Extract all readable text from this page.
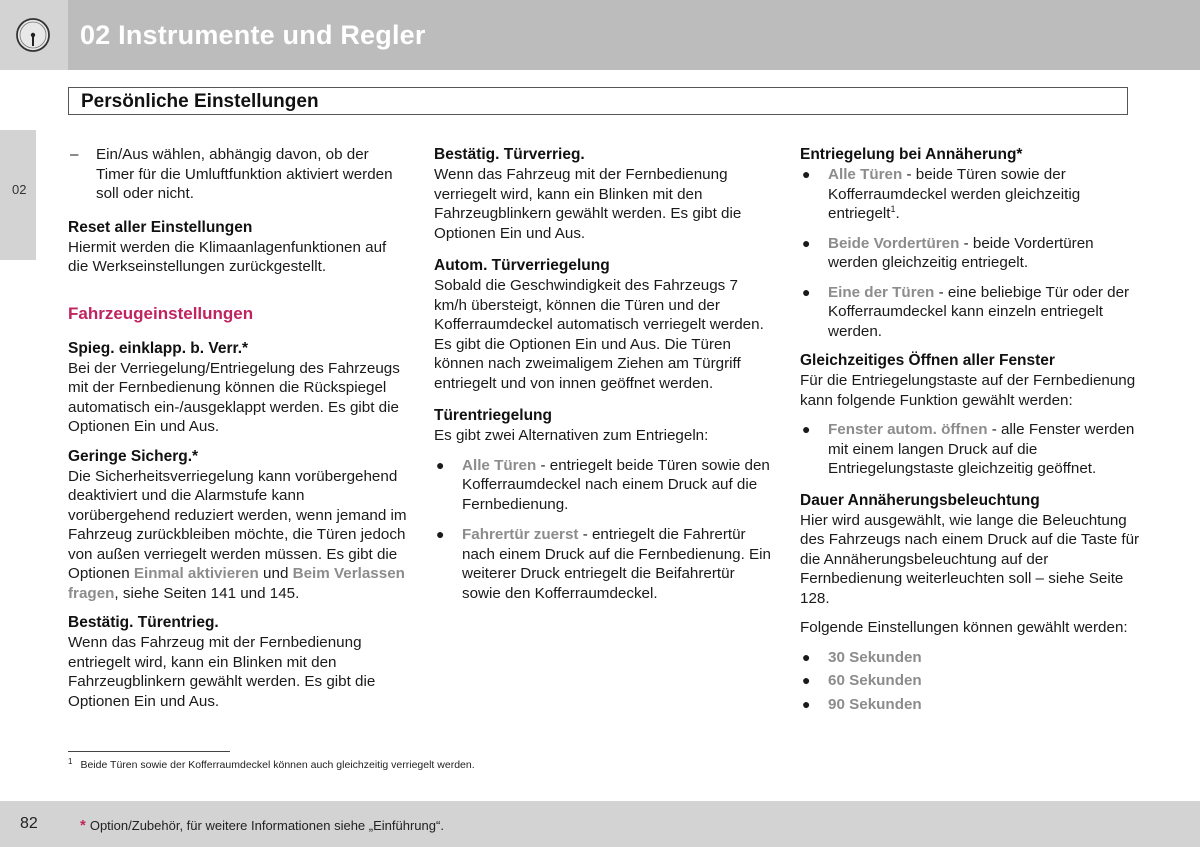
02 Instrumente und Regler
Persönliche Einstellungen
02
– Ein/Aus wählen, abhängig davon, ob der Timer für die Umluftfunktion aktiviert werden soll oder nicht.
Reset aller Einstellungen

Hiermit werden die Klimaanlagenfunktionen auf die Werkseinstellungen zurückgestellt.

Fahrzeugeinstellungen
Spieg. einklapp. b. Verr.*

Bei der Verriegelung/Entriegelung des Fahrzeugs mit der Fernbedienung können die Rückspiegel automatisch ein-/ausgeklappt werden. Es gibt die Optionen Ein und Aus.

Geringe Sicherg.*

Die Sicherheitsverriegelung kann vorübergehend deaktiviert und die Alarmstufe kann vorübergehend reduziert werden, wenn jemand im Fahrzeug zurückbleiben möchte, die Türen jedoch von außen verriegelt werden müssen. Es gibt die Optionen Einmal aktivieren und Beim Verlassen fragen, siehe Seiten 141 und 145.

Bestätig. Türentrieg.

Wenn das Fahrzeug mit der Fernbedienung entriegelt wird, kann ein Blinken mit den Fahrzeugblinkern gewählt werden. Es gibt die Optionen Ein und Aus.

Bestätig. Türverrieg.

Wenn das Fahrzeug mit der Fernbedienung verriegelt wird, kann ein Blinken mit den Fahrzeugblinkern gewählt werden. Es gibt die Optionen Ein und Aus.

Autom. Türverriegelung

Sobald die Geschwindigkeit des Fahrzeugs 7 km/h übersteigt, können die Türen und der Kofferraumdeckel automatisch verriegelt werden. Es gibt die Optionen Ein und Aus. Die Türen können nach zweimaligem Ziehen am Türgriff entriegelt und von innen geöffnet werden.

Türentriegelung

Es gibt zwei Alternativen zum Entriegeln:

● Alle Türen - entriegelt beide Türen sowie den Kofferraumdeckel nach einem Druck auf die Fernbedienung.
● Fahrertür zuerst - entriegelt die Fahrertür nach einem Druck auf die Fernbedienung. Ein weiterer Druck entriegelt die Beifahrertür sowie den Kofferraumdeckel.
Entriegelung bei Annäherung*
● Alle Türen - beide Türen sowie der Kofferraumdeckel werden gleichzeitig entriegelt$^1$.
● Beide Vordertüren - beide Vordertüren werden gleichzeitig entriegelt.
● Eine der Türen - eine beliebige Tür oder der Kofferraumdeckel kann einzeln entriegelt werden.
Gleichzeitiges Öffnen aller Fenster

Für die Entriegelungstaste auf der Fernbedienung kann folgende Funktion gewählt werden:

● Fenster autom. öffnen - alle Fenster werden mit einem langen Druck auf die Entriegelungstaste gleichzeitig geöffnet.
Dauer Annäherungsbeleuchtung

Hier wird ausgewählt, wie lange die Beleuchtung des Fahrzeugs nach einem Druck auf die Taste für die Annäherungsbeleuchtung auf der Fernbedienung weiterleuchten soll – siehe Seite 128.

Folgende Einstellungen können gewählt werden:

● 30 Sekunden
● 60 Sekunden
● 90 Sekunden
$^1$ Beide Türen sowie der Kofferraumdeckel können auch gleichzeitig verriegelt werden.
82	* Option/Zubehör, für weitere Informationen siehe „Einführung“.
